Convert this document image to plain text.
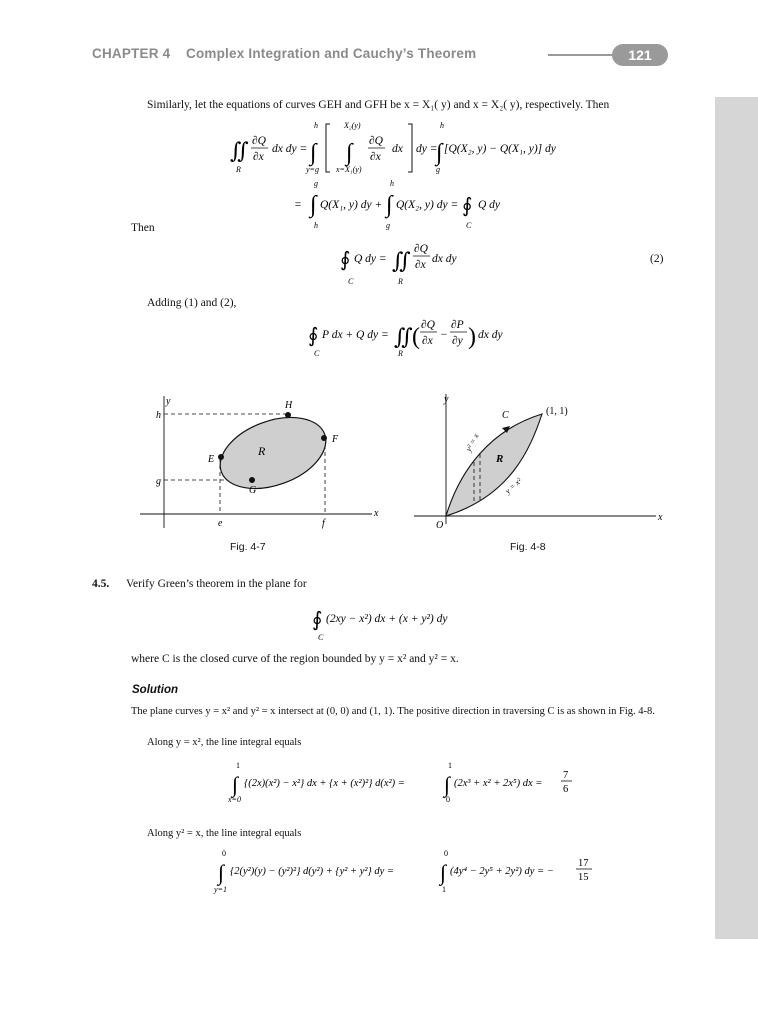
CHAPTER 4 Complex Integration and Cauchy’s Theorem	121
Similarly, let the equations of curves GEH and GFH be x = X₁( y) and x = X₂( y), respectively. Then
∬
R
∂Q
∂x
dx dy =
h
∫
y=g
X₂(y)
∫
x=X₁(y)
∂Q
∂x
dx dy =
h
∫
g
[Q(X₂, y) − Q(X₁, y)] dy
g
= ∫
h
Q(X₁, y) dy +
h
∫
g
Q(X₂, y) dy = ∮
C
Q dy
Then
∮
C
Q dy = ∬
R
∂Q
∂x dx dy	(2)
Adding (1) and (2),
∮
C
P dx + Q dy = ∬
R
( ∂Q
∂x −
∂P
∂y ) dx dy
y
h
g
x
e	f
H
F
E
G
R
Fig. 4-7
y
x
O
C	(1, 1)
R
y² = x
y = x²
Fig. 4-8
4.5. Verify Green’s theorem in the plane for
∮
C
(2xy − x²) dx + (x + y²) dy
where C is the closed curve of the region bounded by y = x² and y² = x.
Solution
The plane curves y = x² and y² = x intersect at (0, 0) and (1, 1). The positive direction in traversing C is as shown in Fig. 4-8.
Along y = x², the line integral equals
1
∫
x=0
{(2x)(x²) − x²} dx + {x + (x²)²} d(x²) =
1
∫
0
(2x³ + x² + 2x⁵) dx =
7
6
Along y² = x, the line integral equals
0
∫
y=1
{2(y²)(y) − (y²)²} d(y²) + {y² + y²} dy =
0
∫
1
(4y⁴ − 2y⁵ + 2y²) dy = −
17
15
